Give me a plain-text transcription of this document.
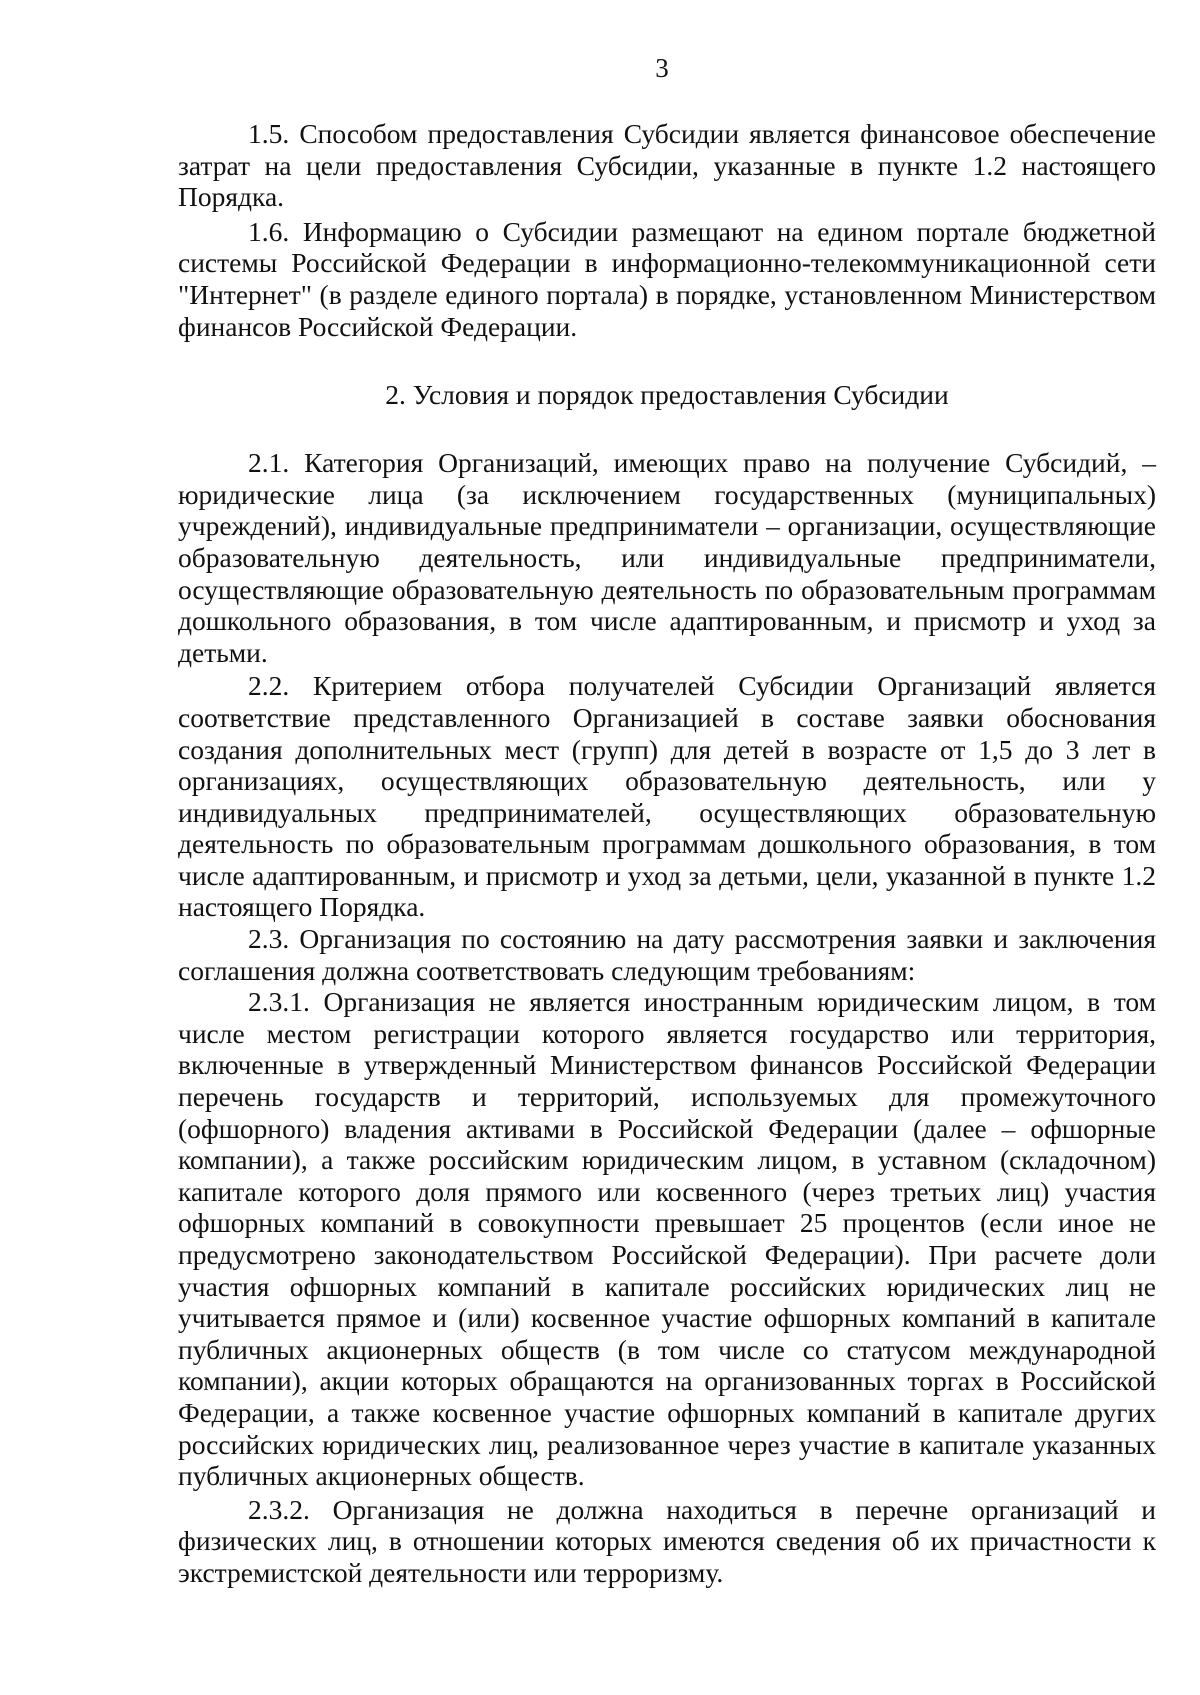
3

1.5. Способом предоставления Субсидии является финансовое обеспечение затрат на цели предоставления Субсидии, указанные в пункте 1.2 настоящего Порядка.

1.6. Информацию о Субсидии размещают на едином портале бюджетной системы Российской Федерации в информационно-телекоммуникационной сети "Интернет" (в разделе единого портала) в порядке, установленном Министерством финансов Российской Федерации.

2. Условия и порядок предоставления Субсидии

2.1. Категория Организаций, имеющих право на получение Субсидий, – юридические лица (за исключением государственных (муниципальных) учреждений), индивидуальные предприниматели – организации, осуществляющие образовательную деятельность, или индивидуальные предприниматели, осуществляющие образовательную деятельность по образовательным программам дошкольного образования, в том числе адаптированным, и присмотр и уход за детьми.

2.2. Критерием отбора получателей Субсидии Организаций является соответствие представленного Организацией в составе заявки обоснования создания дополнительных мест (групп) для детей в возрасте от 1,5 до 3 лет в организациях, осуществляющих образовательную деятельность, или у индивидуальных предпринимателей, осуществляющих образовательную деятельность по образовательным программам дошкольного образования, в том числе адаптированным, и присмотр и уход за детьми, цели, указанной в пункте 1.2 настоящего Порядка.

2.3. Организация по состоянию на дату рассмотрения заявки и заключения соглашения должна соответствовать следующим требованиям:

2.3.1. Организация не является иностранным юридическим лицом, в том числе местом регистрации которого является государство или территория, включенные в утвержденный Министерством финансов Российской Федерации перечень государств и территорий, используемых для промежуточного (офшорного) владения активами в Российской Федерации (далее – офшорные компании), а также российским юридическим лицом, в уставном (складочном) капитале которого доля прямого или косвенного (через третьих лиц) участия офшорных компаний в совокупности превышает 25 процентов (если иное не предусмотрено законодательством Российской Федерации). При расчете доли участия офшорных компаний в капитале российских юридических лиц не учитывается прямое и (или) косвенное участие офшорных компаний в капитале публичных акционерных обществ (в том числе со статусом международной компании), акции которых обращаются на организованных торгах в Российской Федерации, а также косвенное участие офшорных компаний в капитале других российских юридических лиц, реализованное через участие в капитале указанных публичных акционерных обществ.

2.3.2. Организация не должна находиться в перечне организаций и физических лиц, в отношении которых имеются сведения об их причастности к экстремистской деятельности или терроризму.
